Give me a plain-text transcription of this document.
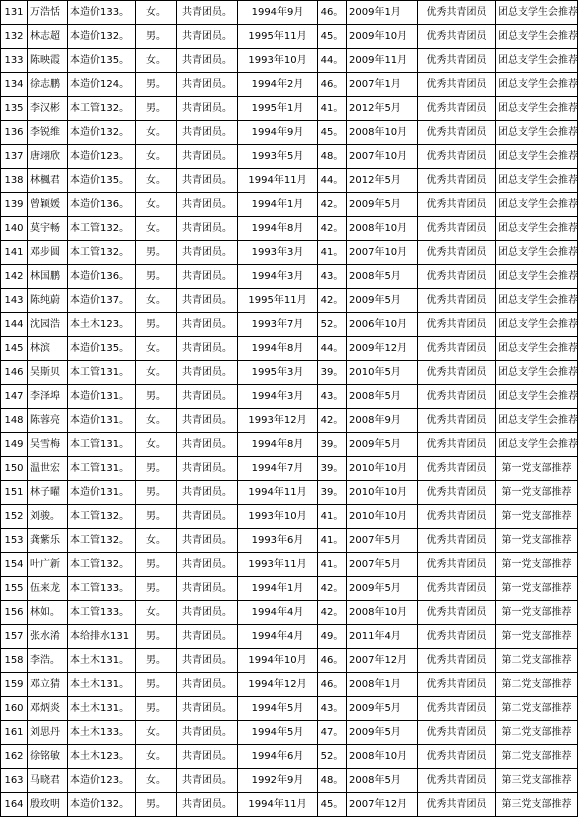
131	万浩恬	本造价133。	女。	共青团员。	1994年9月	46。	2009年1月	优秀共青团员	团总支学生会推荐
132	林志超	本造价132。	男。	共青团员。	1995年11月	45。	2009年10月	优秀共青团员	团总支学生会推荐
133	陈映霞	本造价135。	女。	共青团员。	1993年10月	44。	2009年11月	优秀共青团员	团总支学生会推荐
134	徐志鹏	本造价124。	男。	共青团员。	1994年2月	46。	2007年1月	优秀共青团员	团总支学生会推荐
135	李汉彬	本工管132。	男。	共青团员。	1995年1月	41。	2012年5月	优秀共青团员	团总支学生会推荐
136	李锐维	本造价132。	女。	共青团员。	1994年9月	45。	2008年10月	优秀共青团员	团总支学生会推荐
137	唐翊欣	本造价123。	女。	共青团员。	1993年5月	48。	2007年10月	优秀共青团员	团总支学生会推荐
138	林楓君	本造价135。	女。	共青团员。	1994年11月	44。	2012年5月	优秀共青团员	团总支学生会推荐
139	曾颖媛	本造价136。	女。	共青团员。	1994年1月	42。	2009年5月	优秀共青团员	团总支学生会推荐
140	莫宇畅	本工管132。	女。	共青团员。	1994年8月	42。	2008年10月	优秀共青团员	团总支学生会推荐
141	邓步圆	本工管132。	男。	共青团员。	1993年3月	41。	2007年10月	优秀共青团员	团总支学生会推荐
142	林国鹏	本造价136。	男。	共青团员。	1994年3月	43。	2008年5月	优秀共青团员	团总支学生会推荐
143	陈纯蔚	本造价137。	女。	共青团员。	1995年11月	42。	2009年5月	优秀共青团员	团总支学生会推荐
144	沈园浩	本土木123。	男。	共青团员。	1993年7月	52。	2006年10月	优秀共青团员	团总支学生会推荐
145	林滨	本造价135。	女。	共青团员。	1994年8月	44。	2009年12月	优秀共青团员	团总支学生会推荐
146	吴斯贝	本工管131。	女。	共青团员。	1995年3月	39。	2010年5月	优秀共青团员	团总支学生会推荐
147	李泽埠	本造价131。	男。	共青团员。	1994年3月	43。	2008年5月	优秀共青团员	团总支学生会推荐
148	陈蓉亮	本造价131。	女。	共青团员。	1993年12月	42。	2008年9月	优秀共青团员	团总支学生会推荐
149	吴雪梅	本工管131。	女。	共青团员。	1994年8月	39。	2009年5月	优秀共青团员	团总支学生会推荐
150	温世宏	本工管131。	男。	共青团员。	1994年7月	39。	2010年10月	优秀共青团员	第一党支部推荐
151	林子曜	本造价131。	男。	共青团员。	1994年11月	39。	2010年10月	优秀共青团员	第一党支部推荐
152	刘骏。	本工管132。	男。	共青团员。	1993年10月	41。	2010年10月	优秀共青团员	第一党支部推荐
153	龚紫乐	本工管132。	女。	共青团员。	1993年6月	41。	2007年5月	优秀共青团员	第一党支部推荐
154	叶广新	本工管132。	男。	共青团员。	1993年11月	41。	2007年5月	优秀共青团员	第一党支部推荐
155	伍来龙	本工管133。	男。	共青团员。	1994年1月	42。	2009年5月	优秀共青团员	第一党支部推荐
156	林如。	本工管133。	女。	共青团员。	1994年4月	42。	2008年10月	优秀共青团员	第一党支部推荐
157	张水淆	本给排水131	男。	共青团员。	1994年4月	49。	2011年4月	优秀共青团员	第一党支部推荐
158	李浩。	本土木131。	男。	共青团员。	1994年10月	46。	2007年12月	优秀共青团员	第二党支部推荐
159	邓立猜	本土木131。	男。	共青团员。	1994年12月	46。	2008年1月	优秀共青团员	第二党支部推荐
160	邓炳炎	本土木131。	男。	共青团员。	1994年5月	43。	2009年5月	优秀共青团员	第二党支部推荐
161	刘思丹	本土木133。	女。	共青团员。	1994年5月	47。	2009年5月	优秀共青团员	第二党支部推荐
162	徐铭敏	本土木123。	女。	共青团员。	1994年6月	52。	2008年10月	优秀共青团员	第二党支部推荐
163	马晓君	本造价123。	女。	共青团员。	1992年9月	48。	2008年5月	优秀共青团员	第三党支部推荐
164	殷玫明	本造价132。	男。	共青团员。	1994年11月	45。	2007年12月	优秀共青团员	第三党支部推荐
